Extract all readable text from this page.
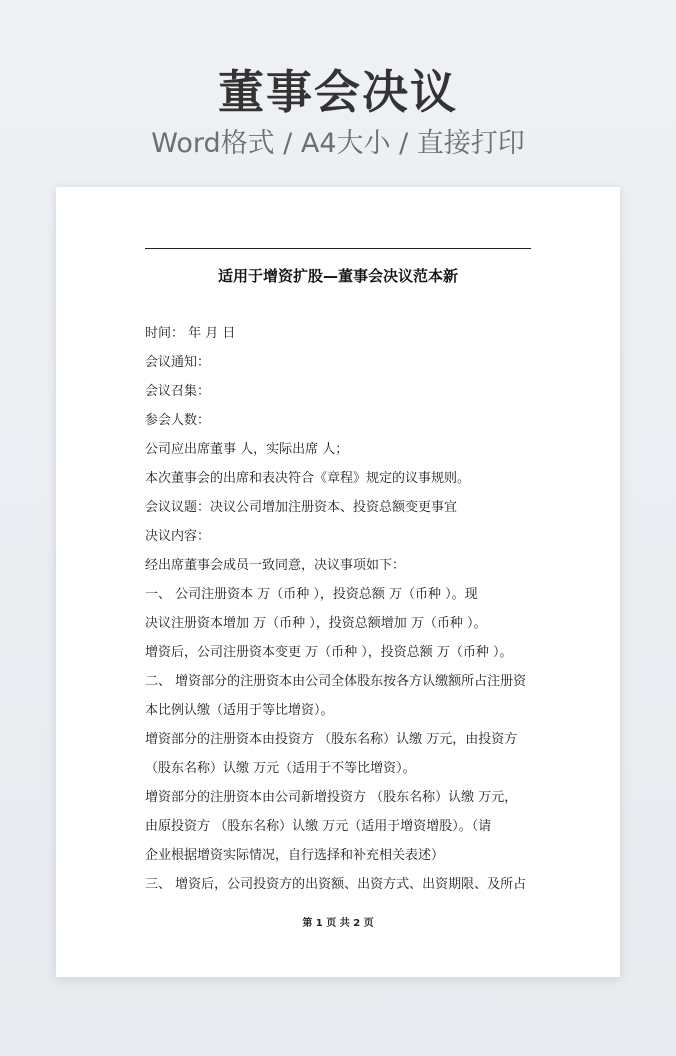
董事会决议
Word格式 / A4大小 / 直接打印
适用于增资扩股—董事会决议范本新
时间： 年 月 日
会议通知：
会议召集：
参会人数：
公司应出席董事 人，实际出席 人；
本次董事会的出席和表决符合《章程》规定的议事规则。
会议议题：决议公司增加注册资本、投资总额变更事宜
决议内容：
经出席董事会成员一致同意，决议事项如下：
一、 公司注册资本 万（币种 ），投资总额 万（币种 ）。现
决议注册资本增加 万（币种 ），投资总额增加 万（币种 ）。
增资后，公司注册资本变更 万（币种 ），投资总额 万（币种 ）。
二、 增资部分的注册资本由公司全体股东按各方认缴额所占注册资
本比例认缴（适用于等比增资）。
增资部分的注册资本由投资方 （股东名称）认缴 万元，由投资方
（股东名称）认缴 万元（适用于不等比增资）。
增资部分的注册资本由公司新增投资方 （股东名称）认缴 万元，
由原投资方 （股东名称）认缴 万元（适用于增资增股）。（请
企业根据增资实际情况，自行选择和补充相关表述）
三、 增资后，公司投资方的出资额、出资方式、出资期限、及所占
第 1 页 共 2 页
